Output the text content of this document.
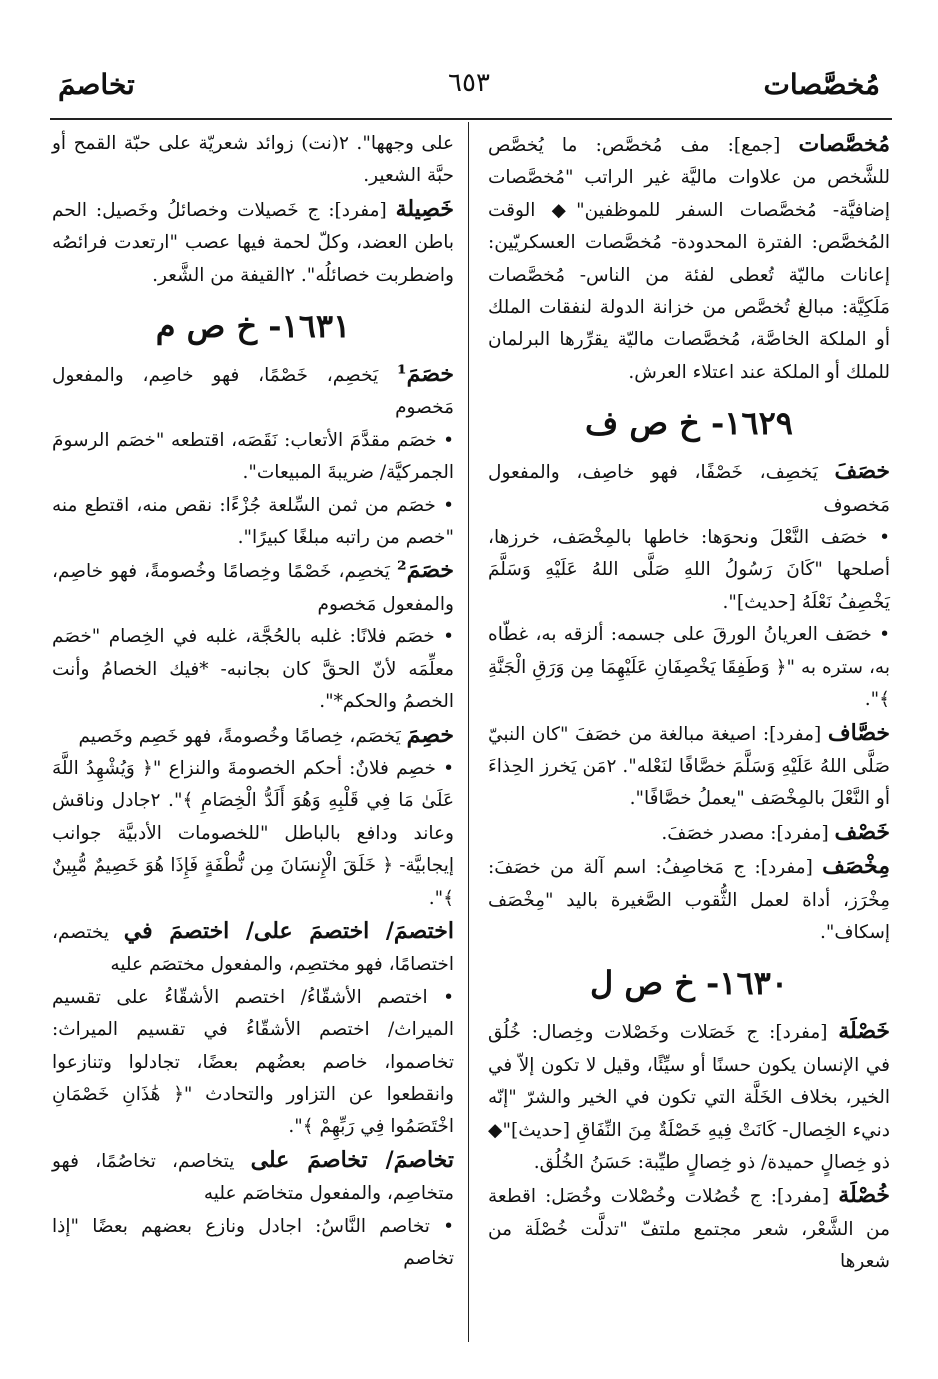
مُخصَّصات
٦٥٣
تخاصمَ

مُخصَّصات [جمع]: مف مُخصَّص: ما يُخصَّص للشَّخص من علاوات ماليَّة غير الراتب "مُخصَّصات إضافيَّة- مُخصَّصات السفر للموظفين"◆ الوقت المُخصَّص: الفترة المحدودة- مُخصَّصات العسكريّين: إعانات ماليّة تُعطى لفئة من الناس- مُخصَّصات مَلَكِيَّة: مبالغ تُخصَّص من خزانة الدولة لنفقات الملك أو الملكة الخاصَّة، مُخصَّصات ماليّة يقرِّرها البرلمان للملك أو الملكة عند اعتلاء العرش.

١٦٢٩- خ ص ف

خصَفَ يَخصِف، خَصْفًا، فهو خاصِف، والمفعول مَخصوف

• خصَف النَّعْلَ ونحوَها: خاطها بالمِخْصَف، خرزها، أصلحها "كَانَ رَسُولُ اللهِ صَلَّى اللهُ عَلَيْهِ وَسَلَّمَ يَخْصِفُ نَعْلَهُ [حديث]".

• خصَف العريانُ الورقَ على جسمه: ألزقه به، غطّاه به، ستره به "﴿ وَطَفِقَا يَخْصِفَانِ عَلَيْهِمَا مِن وَرَقِ الْجَنَّةِ ﴾".

خصَّاف [مفرد]: اصيغة مبالغة من خصَفَ "كان النبيّ صَلَّى اللهُ عَلَيْهِ وَسَلَّمَ خصَّافًا لنَعْله". ٢مَن يَخرز الحِذاءَ أو النَّعْلَ بالمِخْصَف "يعملُ خصَّافًا".

خَصْف [مفرد]: مصدر خصَفَ.

مِخْصَف [مفرد]: ج مَخاصِفُ: اسم آلة من خصَفَ: مِخْرَز، أداة لعمل الثُّقوب الصَّغيرة باليد "مِخْصَف إسكاف".

١٦٣٠- خ ص ل

خَصْلَة [مفرد]: ج خَصَلات وخَصْلات وخِصال: خُلُق في الإنسان يكون حسنًا أو سيِّئًا، وقيل لا تكون إلاّ في الخير، بخلاف الخَلَّة التي تكون في الخير والشرّ "إنّه دنيء الخِصال- كَانَتْ فِيهِ خَصْلَةٌ مِنَ النِّفَاقِ [حديث]"◆ ذو خِصالٍ حميدة/ ذو خِصالٍ طيِّبة: حَسَنُ الخُلُق.

خُصْلَة [مفرد]: ج خُصُلات وخُصْلات وخُصَل: اقطعة من الشَّعْر، شعر مجتمع ملتفّ "تدلَّت خُصْلَة من شعرها

على وجهها". ٢(نت) زوائد شعريّة على حبّة القمح أو حبَّة الشعير.

خَصِيلة [مفرد]: ج خَصيلات وخصائلُ وخَصيل: الحم باطن العضد، وكلّ لحمة فيها عصب "ارتعدت فرائصُه واضطربت خصائلُه". ٢القيفة من الشَّعر.

١٦٣١- خ ص م

خصَمَ¹ يَخصِم، خَصْمًا، فهو خاصِم، والمفعول مَخصوم

• خصَم مقدَّمَ الأتعاب: نَقَصَه، اقتطعه "خصَم الرسومَ الجمركيَّة/ ضريبةَ المبيعات".

• خصَم من ثمن السِّلعة جُزْءًا: نقص منه، اقتطع منه "خصم من راتبه مبلغًا كبيرًا".

خصَمَ² يَخصِم، خَصْمًا وخِصامًا وخُصومةً، فهو خاصِم، والمفعول مَخصوم

• خصَم فلانًا: غلبه بالحُجَّة، غلبه في الخِصام "خصَم معلِّمَه لأنّ الحقَّ كان بجانبه- *فيك الخصامُ وأنت الخصمُ والحكم*".

خصِمَ يَخصَم، خِصامًا وخُصومةً، فهو خَصِم وخَصيم

• خصِم فلانٌ: أحكم الخصومةَ والنزاع "﴿ وَيُشْهِدُ اللَّهَ عَلَىٰ مَا فِي قَلْبِهِ وَهُوَ أَلَدُّ الْخِصَامِ ﴾". ٢جادل وناقش وعاند ودافع بالباطل "للخصومات الأدبيَّة جوانب إيجابيَّة- ﴿ خَلَقَ الْإِنسَانَ مِن نُّطْفَةٍ فَإِذَا هُوَ خَصِيمٌ مُّبِينٌ ﴾".

اختصمَ/ اختصمَ على/ اختصمَ في يختصم، اختصامًا، فهو مختصِم، والمفعول مختصَم عليه

• اختصم الأشقّاءُ/ اختصم الأشقّاءُ على تقسيم الميراث/ اختصم الأشقّاءُ في تقسيم الميراث: تخاصموا، خاصم بعضُهم بعضًا، تجادلوا وتنازعوا وانقطعوا عن التزاور والتحادث "﴿ هَٰذَانِ خَصْمَانِ اخْتَصَمُوا فِي رَبِّهِمْ ﴾".

تخاصمَ/ تخاصمَ على يتخاصم، تخاصُمًا، فهو متخاصِم، والمفعول متخاصَم عليه

• تخاصم النَّاسُ: اجادل ونازع بعضهم بعضًا "إذا تخاصم
